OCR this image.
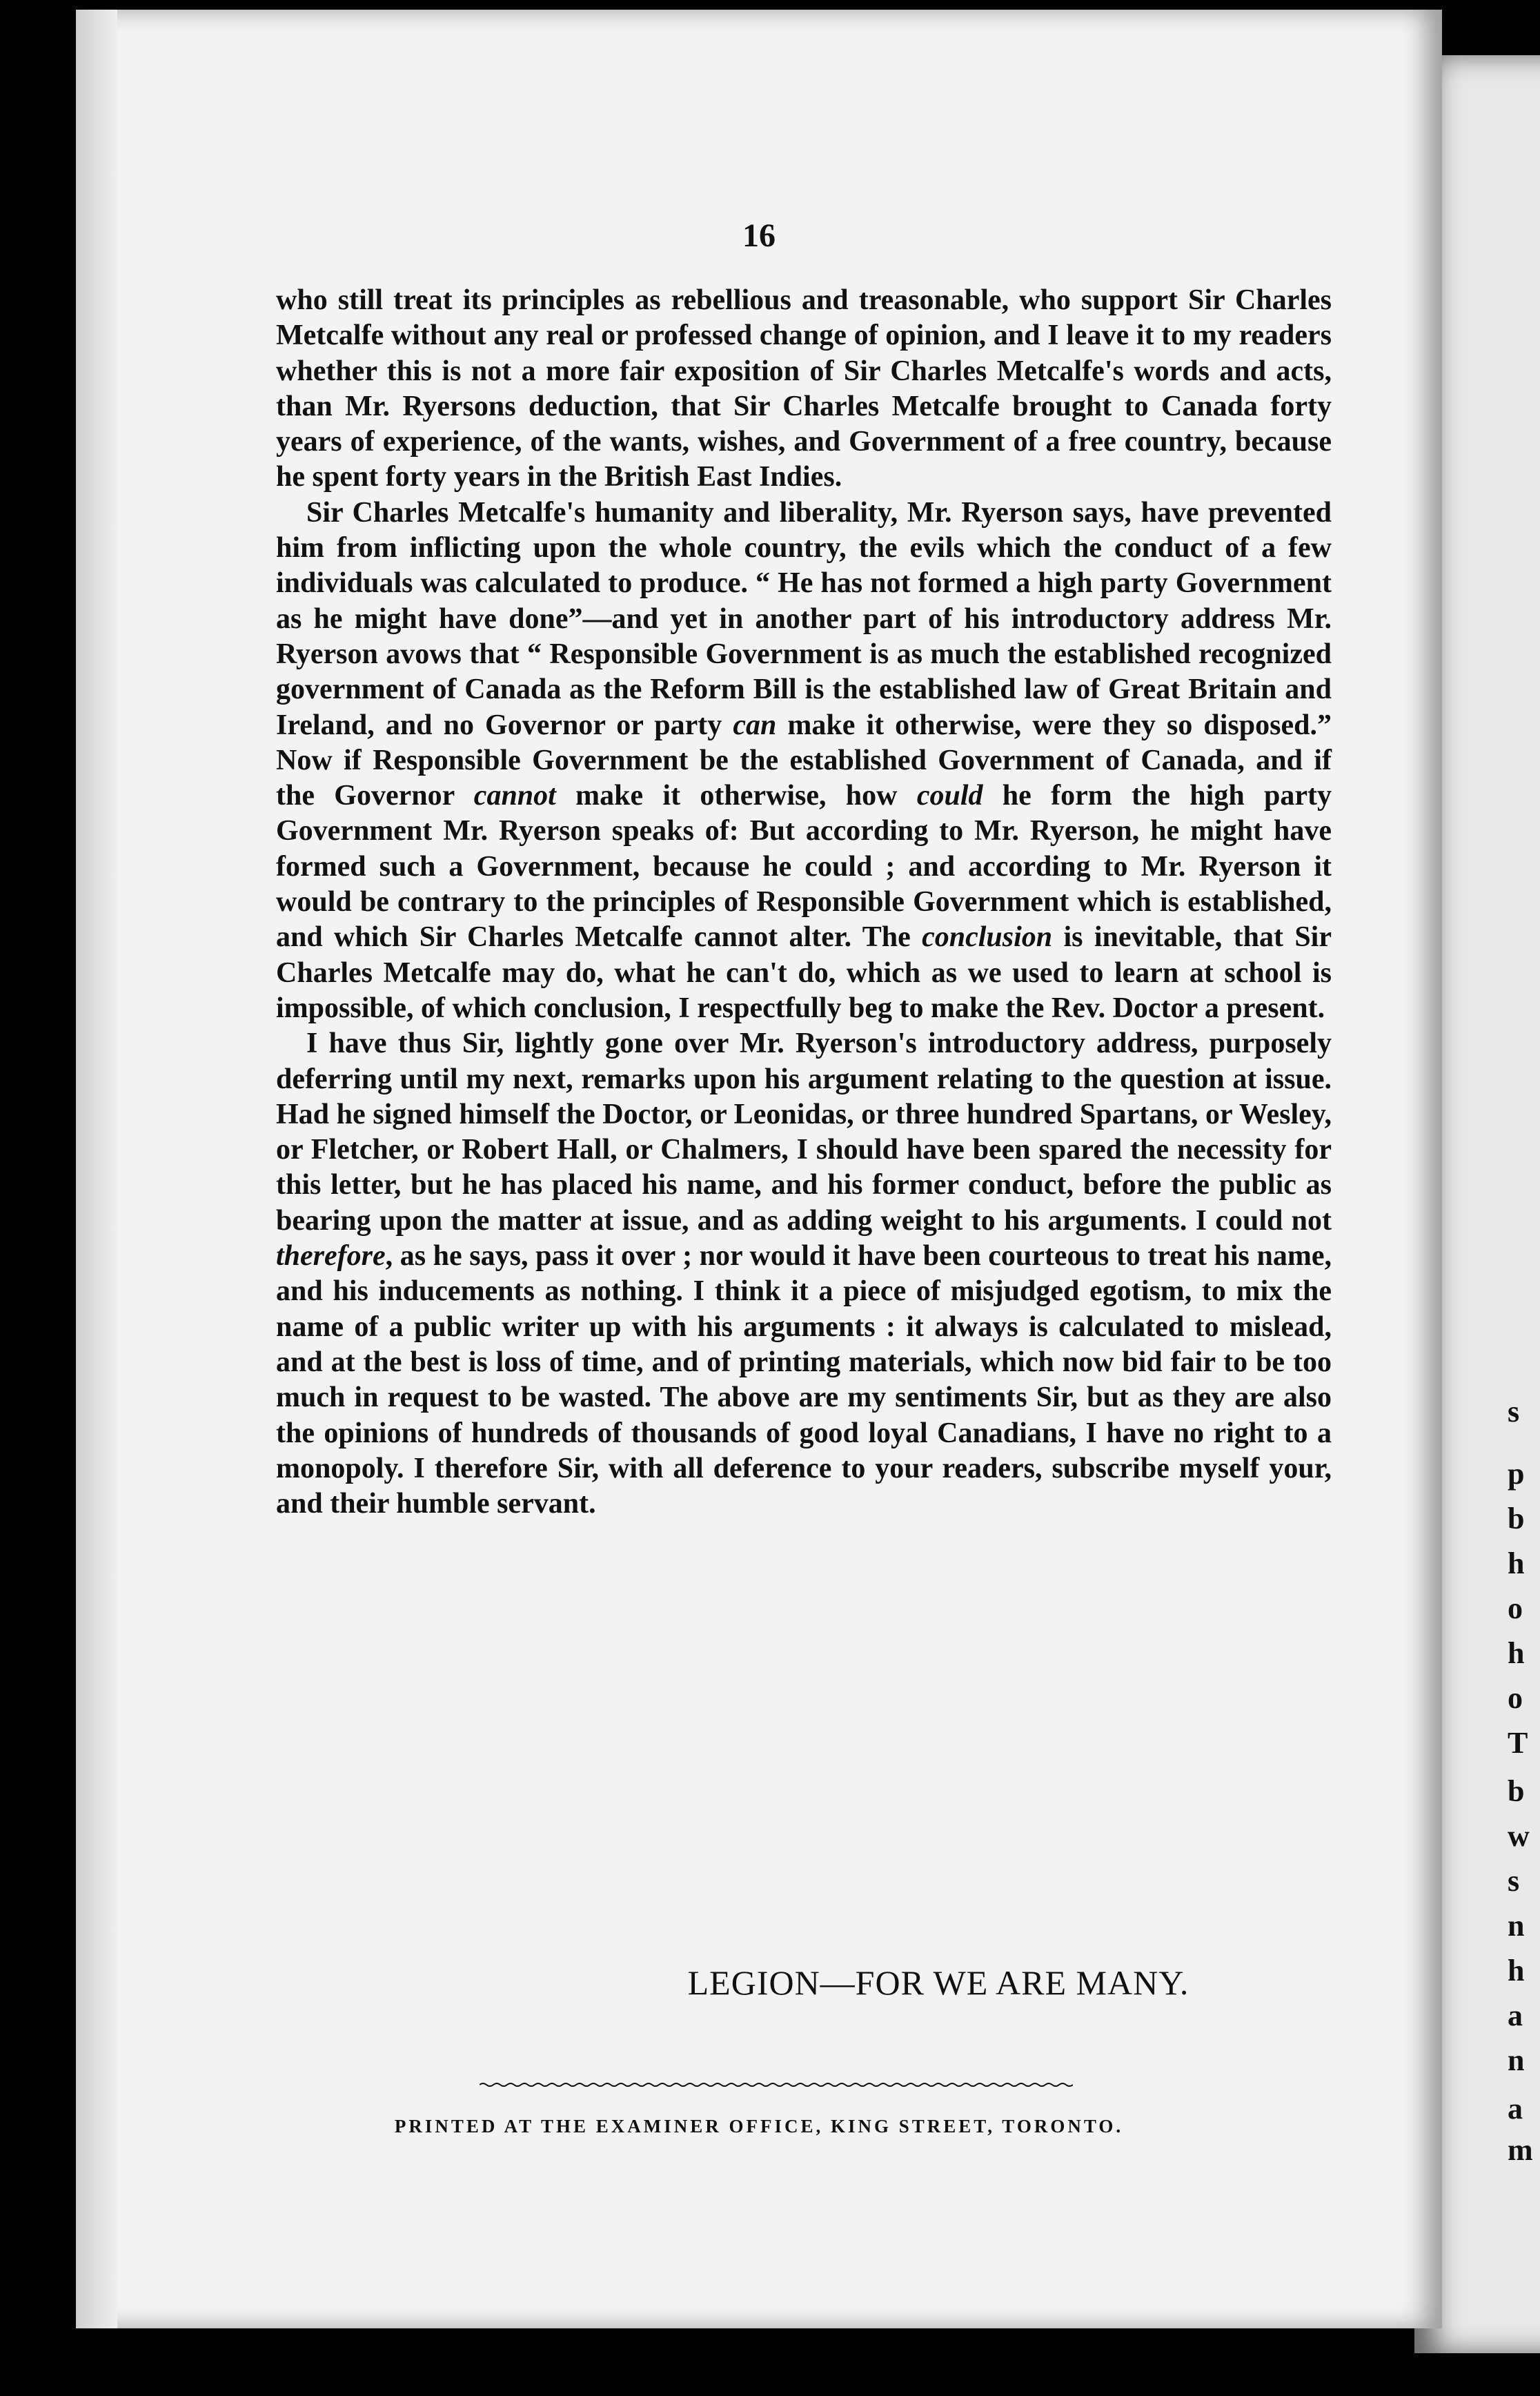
s
p
b
h
o
h
o
T
b
w
s
n
h
a
n
a
m
16

who still treat its principles as rebellious and treasonable, who support Sir Charles Metcalfe without any real or professed change of opinion, and I leave it to my readers whether this is not a more fair exposition of Sir Charles Metcalfe's words and acts, than Mr. Ryersons deduction, that Sir Charles Metcalfe brought to Canada forty years of experience, of the wants, wishes, and Government of a free country, because he spent forty years in the British East Indies.

Sir Charles Metcalfe's humanity and liberality, Mr. Ryerson says, have prevented him from inflicting upon the whole country, the evils which the conduct of a few individuals was calculated to produce. “ He has not formed a high party Government as he might have done”—and yet in another part of his introductory address Mr. Ryerson avows that “ Responsible Government is as much the established recognized government of Canada as the Reform Bill is the established law of Great Britain and Ireland, and no Governor or party can make it otherwise, were they so disposed.” Now if Responsible Government be the established Government of Canada, and if the Governor cannot make it otherwise, how could he form the high party Government Mr. Ryerson speaks of: But according to Mr. Ryerson, he might have formed such a Government, because he could ; and according to Mr. Ryerson it would be contrary to the principles of Responsible Government which is established, and which Sir Charles Metcalfe cannot alter. The conclusion is inevitable, that Sir Charles Metcalfe may do, what he can't do, which as we used to learn at school is impossible, of which conclusion, I respectfully beg to make the Rev. Doctor a present.

I have thus Sir, lightly gone over Mr. Ryerson's introductory address, purposely deferring until my next, remarks upon his argument relating to the question at issue. Had he signed himself the Doctor, or Leonidas, or three hundred Spartans, or Wesley, or Fletcher, or Robert Hall, or Chalmers, I should have been spared the necessity for this letter, but he has placed his name, and his former conduct, before the public as bearing upon the matter at issue, and as adding weight to his arguments. I could not therefore, as he says, pass it over ; nor would it have been courteous to treat his name, and his inducements as nothing. I think it a piece of misjudged egotism, to mix the name of a public writer up with his arguments : it always is calculated to mislead, and at the best is loss of time, and of printing materials, which now bid fair to be too much in request to be wasted. The above are my sentiments Sir, but as they are also the opinions of hundreds of thousands of good loyal Canadians, I have no right to a monopoly. I therefore Sir, with all deference to your readers, subscribe myself your, and their humble servant.

LEGION—FOR WE ARE MANY.
PRINTED AT THE EXAMINER OFFICE, KING STREET, TORONTO.
